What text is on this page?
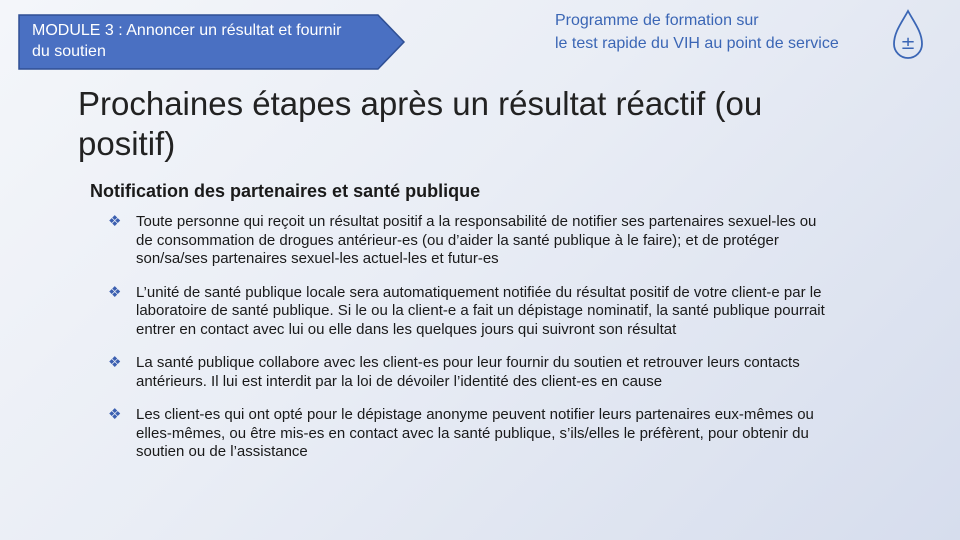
MODULE 3 : Annoncer un résultat et fournir du soutien
Programme de formation sur
le test rapide du VIH au point de service	±
Prochaines étapes après un résultat réactif (ou positif)
Notification des partenaires et santé publique
❖ Toute personne qui reçoit un résultat positif a la responsabilité de notifier ses partenaires sexuel-les ou de consommation de drogues antérieur-es (ou d’aider la santé publique à le faire); et de protéger son/sa/ses partenaires sexuel-les actuel-les et futur-es
❖ L’unité de santé publique locale sera automatiquement notifiée du résultat positif de votre client-e par le laboratoire de santé publique. Si le ou la client-e a fait un dépistage nominatif, la santé publique pourrait entrer en contact avec lui ou elle dans les quelques jours qui suivront son résultat
❖ La santé publique collabore avec les client-es pour leur fournir du soutien et retrouver leurs contacts antérieurs. Il lui est interdit par la loi de dévoiler l’identité des client-es en cause
❖ Les client-es qui ont opté pour le dépistage anonyme peuvent notifier leurs partenaires eux-mêmes ou elles-mêmes, ou être mis-es en contact avec la santé publique, s’ils/elles le préfèrent, pour obtenir du soutien ou de l’assistance
